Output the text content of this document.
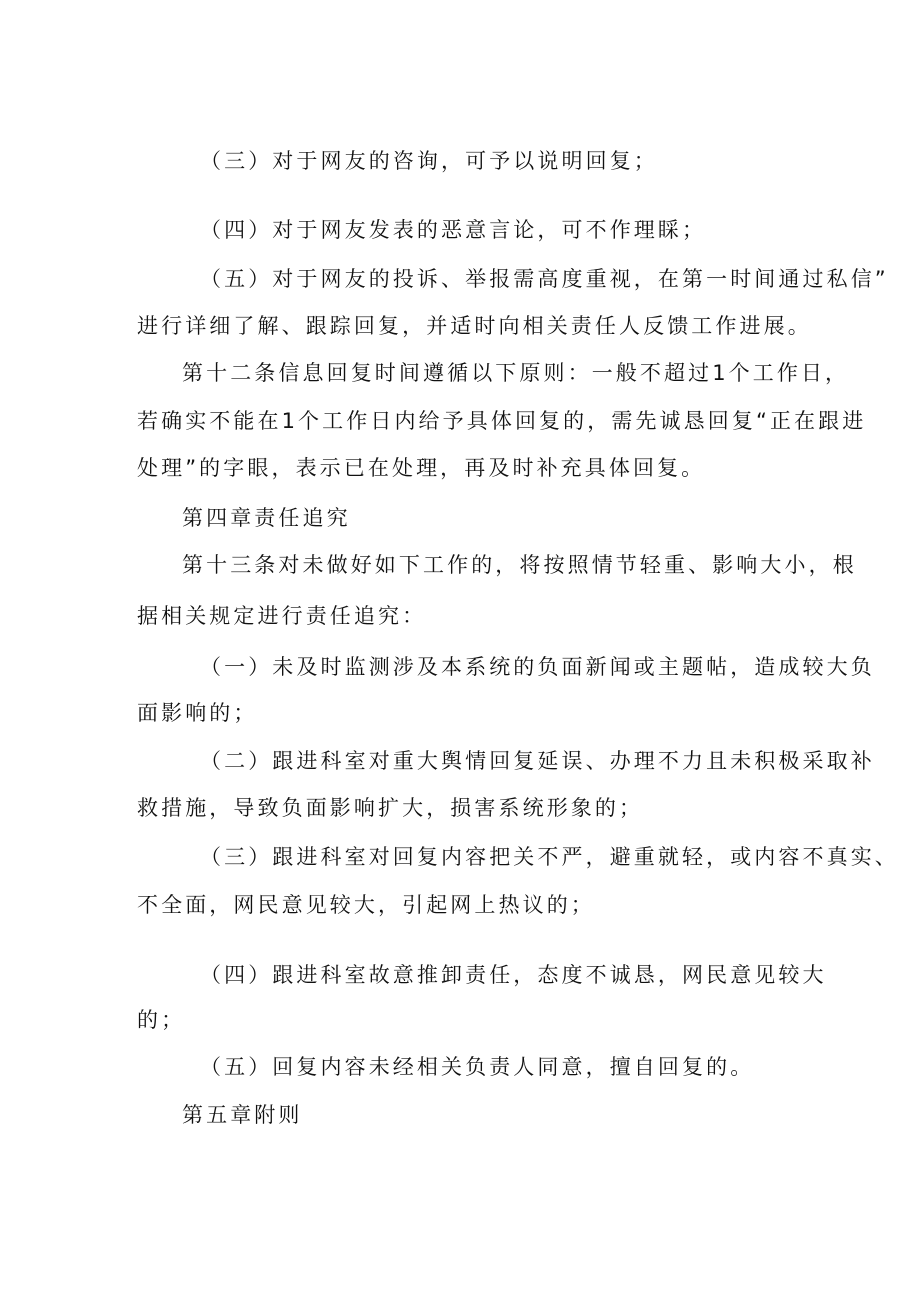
（三）对于网友的咨询，可予以说明回复；
（四）对于网友发表的恶意言论，可不作理睬；
（五）对于网友的投诉、举报需高度重视，在第一时间通过私信”
进行详细了解、跟踪回复，并适时向相关责任人反馈工作进展。
第十二条信息回复时间遵循以下原则：一般不超过1个工作日，
若确实不能在1个工作日内给予具体回复的，需先诚恳回复“正在跟进
处理”的字眼，表示已在处理，再及时补充具体回复。
第四章责任追究
第十三条对未做好如下工作的，将按照情节轻重、影响大小，根
据相关规定进行责任追究：
（一）未及时监测涉及本系统的负面新闻或主题帖，造成较大负
面影响的；
（二）跟进科室对重大舆情回复延误、办理不力且未积极采取补
救措施，导致负面影响扩大，损害系统形象的；
（三）跟进科室对回复内容把关不严，避重就轻，或内容不真实、
不全面，网民意见较大，引起网上热议的；
（四）跟进科室故意推卸责任，态度不诚恳，网民意见较大
的；
（五）回复内容未经相关负责人同意，擅自回复的。
第五章附则
